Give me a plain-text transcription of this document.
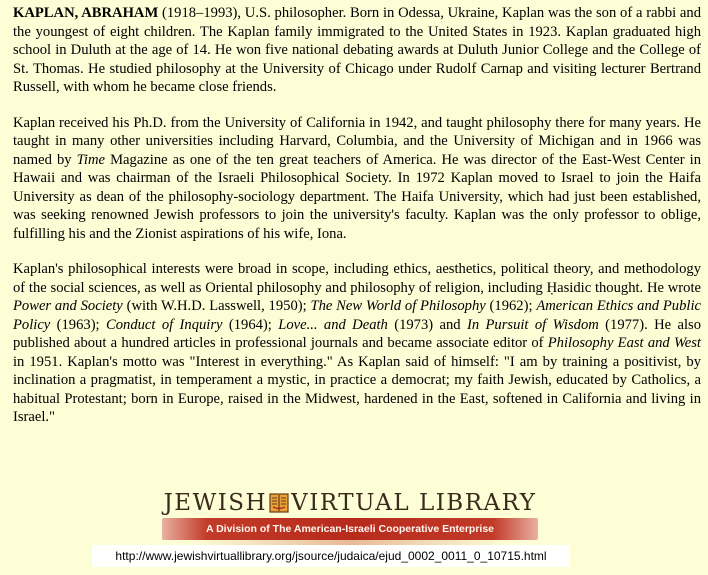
KAPLAN, ABRAHAM (1918–1993), U.S. philosopher. Born in Odessa, Ukraine, Kaplan was the son of a rabbi and the youngest of eight children. The Kaplan family immigrated to the United States in 1923. Kaplan graduated high school in Duluth at the age of 14. He won five national debating awards at Duluth Junior College and the College of St. Thomas. He studied philosophy at the University of Chicago under Rudolf Carnap and visiting lecturer Bertrand Russell, with whom he became close friends.

Kaplan received his Ph.D. from the University of California in 1942, and taught philosophy there for many years. He taught in many other universities including Harvard, Columbia, and the University of Michigan and in 1966 was named by Time Magazine as one of the ten great teachers of America. He was director of the East-West Center in Hawaii and was chairman of the Israeli Philosophical Society. In 1972 Kaplan moved to Israel to join the Haifa University as dean of the philosophy-sociology department. The Haifa University, which had just been established, was seeking renowned Jewish professors to join the university's faculty. Kaplan was the only professor to oblige, fulfilling his and the Zionist aspirations of his wife, Iona.

Kaplan's philosophical interests were broad in scope, including ethics, aesthetics, political theory, and methodology of the social sciences, as well as Oriental philosophy and philosophy of religion, including Ḥasidic thought. He wrote Power and Society (with W.H.D. Lasswell, 1950); The New World of Philosophy (1962); American Ethics and Public Policy (1963); Conduct of Inquiry (1964); Love... and Death (1973) and In Pursuit of Wisdom (1977). He also published about a hundred articles in professional journals and became associate editor of Philosophy East and West in 1951. Kaplan's motto was "Interest in everything." As Kaplan said of himself: "I am by training a positivist, by inclination a pragmatist, in temperament a mystic, in practice a democrat; my faith Jewish, educated by Catholics, a habitual Protestant; born in Europe, raised in the Midwest, hardened in the East, softened in California and living in Israel."

JEWISH VIRTUAL LIBRARY
A Division of The American-Israeli Cooperative Enterprise
http://www.jewishvirtuallibrary.org/jsource/judaica/ejud_0002_0011_0_10715.html
